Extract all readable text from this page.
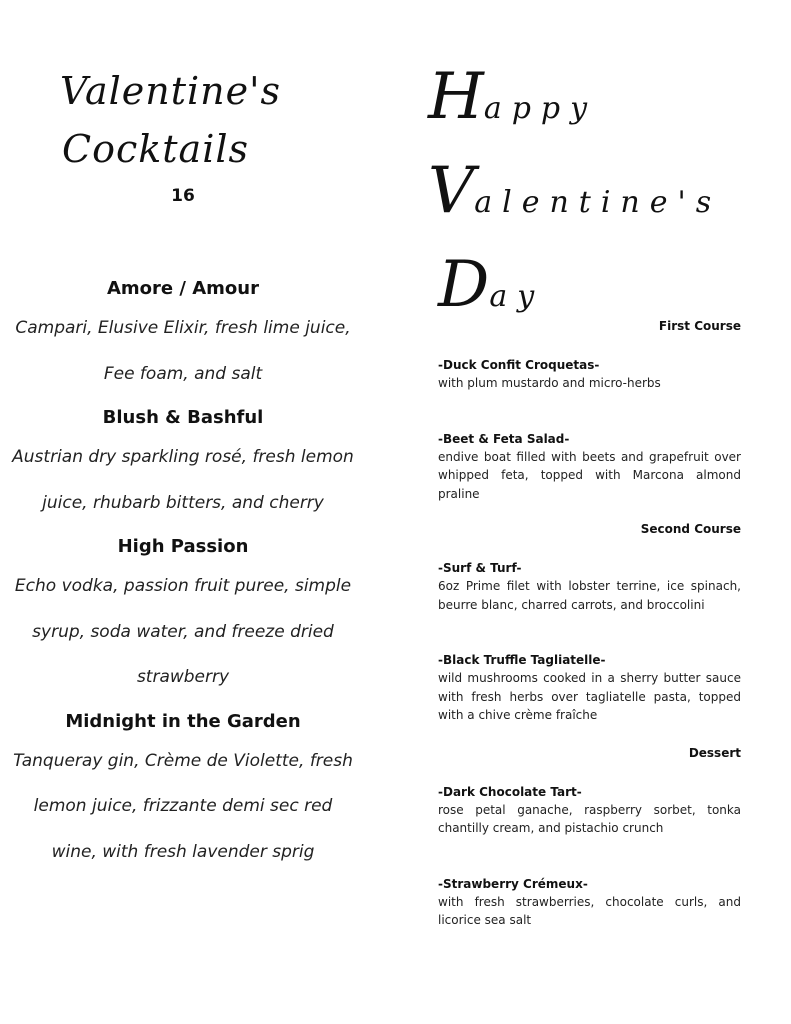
Valentine's
Cocktails
16

Amore / Amour

Campari, Elusive Elixir, fresh lime juice, Fee foam, and salt

Blush & Bashful

Austrian dry sparkling rosé, fresh lemon juice, rhubarb bitters, and cherry

High Passion

Echo vodka, passion fruit puree, simple syrup, soda water, and freeze dried strawberry

Midnight in the Garden

Tanqueray gin, Crème de Violette, fresh lemon juice, frizzante demi sec red wine, with fresh lavender sprig

Happy
Valentine's
Day

First Course

-Duck Confit Croquetas-

with plum mustardo and micro-herbs

-Beet & Feta Salad-

endive boat filled with beets and grapefruit over whipped feta, topped with Marcona almond praline

Second Course

-Surf & Turf-

6oz Prime filet with lobster terrine, ice spinach, beurre blanc, charred carrots, and broccolini

-Black Truffle Tagliatelle-

wild mushrooms cooked in a sherry butter sauce with fresh herbs over tagliatelle pasta, topped with a chive crème fraîche

Dessert

-Dark Chocolate Tart-

rose petal ganache, raspberry sorbet, tonka chantilly cream, and pistachio crunch

-Strawberry Crémeux-

with fresh strawberries, chocolate curls, and licorice sea salt
